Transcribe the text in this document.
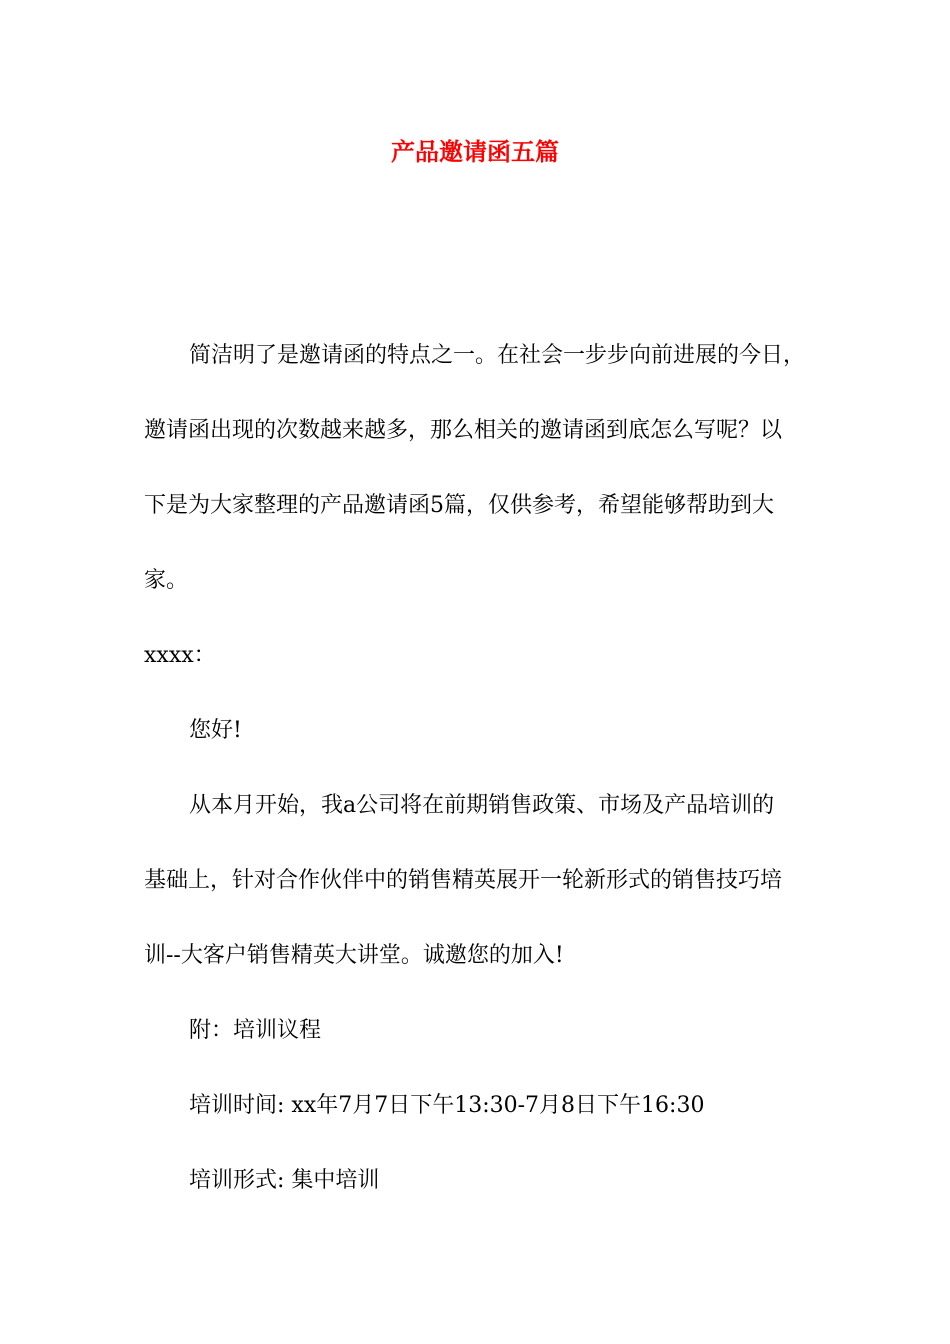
产品邀请函五篇

简洁明了是邀请函的特点之一。在社会一步步向前进展的今日，

邀请函出现的次数越来越多，那么相关的邀请函到底怎么写呢？以

下是为大家整理的产品邀请函5篇，仅供参考，希望能够帮助到大

家。

xxxx：

您好!

从本月开始，我a公司将在前期销售政策、市场及产品培训的

基础上，针对合作伙伴中的销售精英展开一轮新形式的销售技巧培

训--大客户销售精英大讲堂。诚邀您的加入!

附：培训议程

培训时间: xx年7月7日下午13:30-7月8日下午16:30

培训形式: 集中培训
